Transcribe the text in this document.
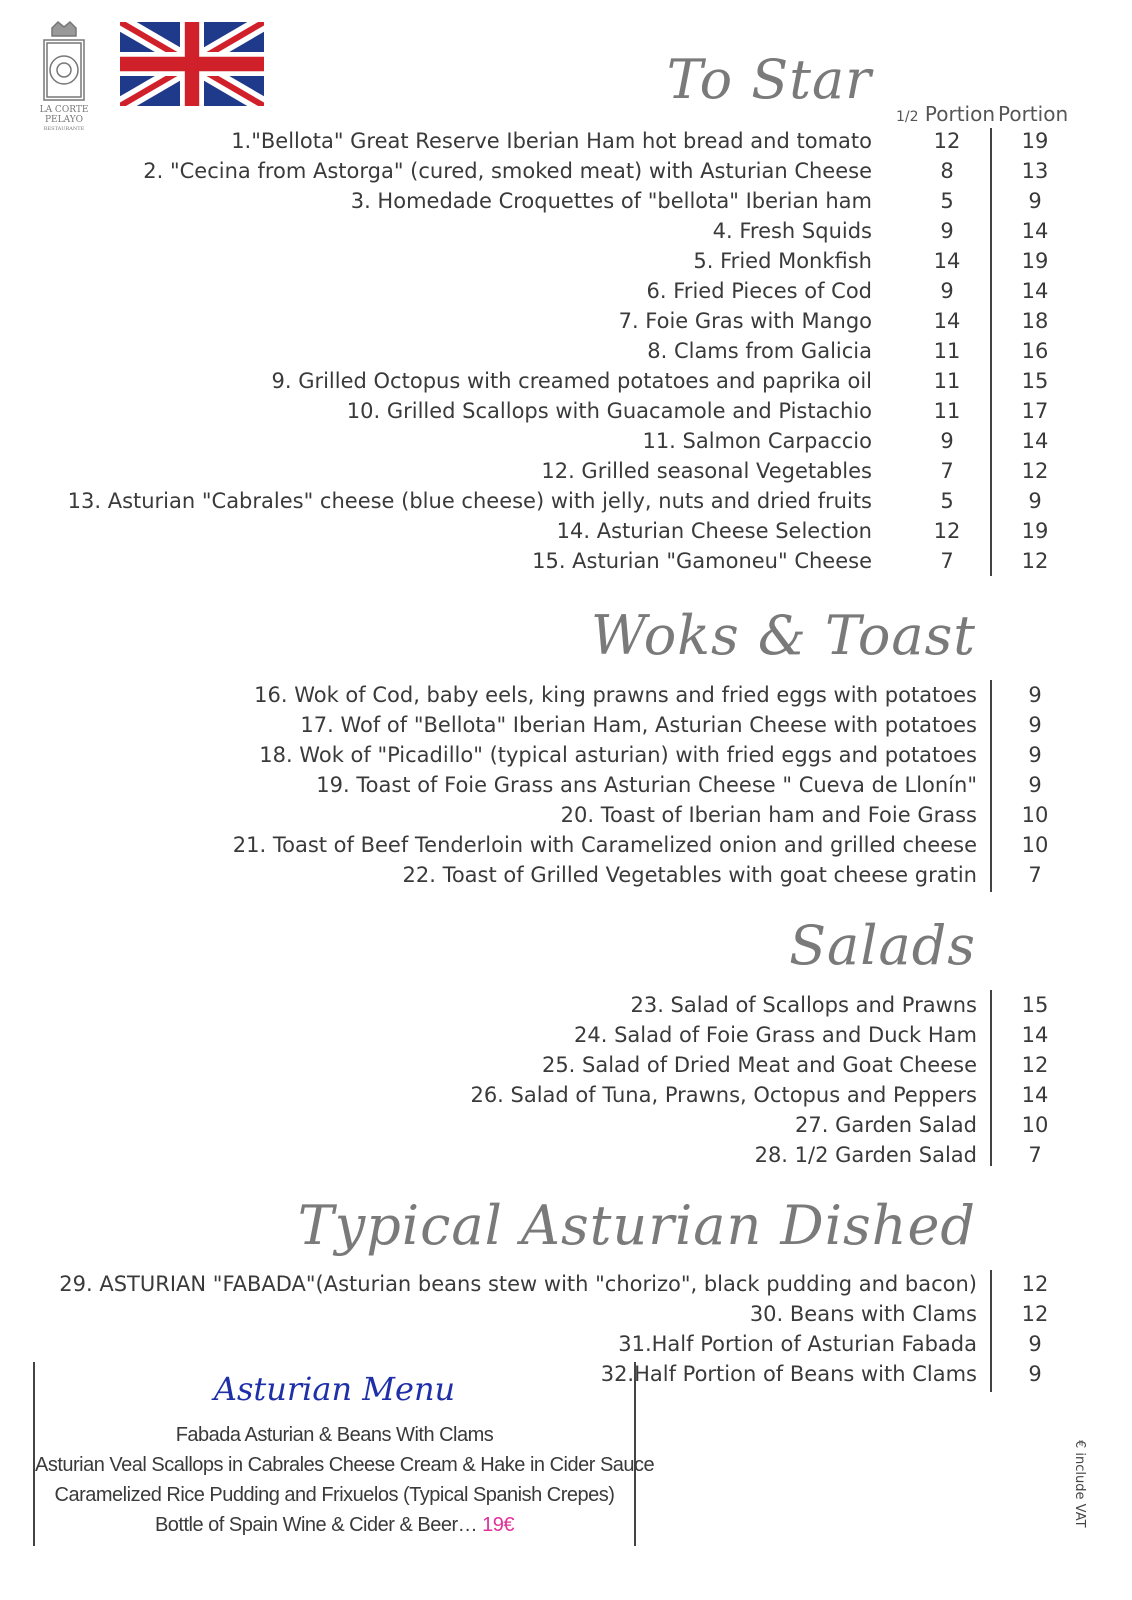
LA CORTE
PELAYO
RESTAURANTE
To Star
1/2 Portion Portion
1."Bellota" Great Reserve Iberian Ham hot bread and tomato	12	19
2. "Cecina from Astorga" (cured, smoked meat) with Asturian Cheese	8	13
3. Homedade Croquettes of "bellota" Iberian ham	5	9
4. Fresh Squids	9	14
5. Fried Monkfish	14	19
6. Fried Pieces of Cod	9	14
7. Foie Gras with Mango	14	18
8. Clams from Galicia	11	16
9. Grilled Octopus with creamed potatoes and paprika oil	11	15
10. Grilled Scallops with Guacamole and Pistachio	11	17
11. Salmon Carpaccio	9	14
12. Grilled seasonal Vegetables	7	12
13. Asturian "Cabrales" cheese (blue cheese) with jelly, nuts and dried fruits	5	9
14. Asturian Cheese Selection	12	19
15. Asturian "Gamoneu" Cheese	7	12
Woks & Toast
16. Wok of Cod, baby eels, king prawns and fried eggs with potatoes	9
17. Wof of "Bellota" Iberian Ham, Asturian Cheese with potatoes	9
18. Wok of "Picadillo" (typical asturian) with fried eggs and potatoes	9
19. Toast of Foie Grass ans Asturian Cheese " Cueva de Llonín"	9
20. Toast of Iberian ham and Foie Grass	10
21. Toast of Beef Tenderloin with Caramelized onion and grilled cheese	10
22. Toast of Grilled Vegetables with goat cheese gratin	7
Salads
23. Salad of Scallops and Prawns	15
24. Salad of Foie Grass and Duck Ham	14
25. Salad of Dried Meat and Goat Cheese	12
26. Salad of Tuna, Prawns, Octopus and Peppers	14
27. Garden Salad	10
28. 1/2 Garden Salad	7
Typical Asturian Dished
29. ASTURIAN "FABADA"(Asturian beans stew with "chorizo", black pudding and bacon)	12
30. Beans with Clams	12
31.Half Portion of Asturian Fabada	9
32.Half Portion of Beans with Clams	9
Asturian Menu
Fabada Asturian & Beans With Clams
Asturian Veal Scallops in Cabrales Cheese Cream & Hake in Cider Sauce
Caramelized Rice Pudding and Frixuelos (Typical Spanish Crepes)
Bottle of Spain Wine & Cider & Beer… 19€	€ include VAT
